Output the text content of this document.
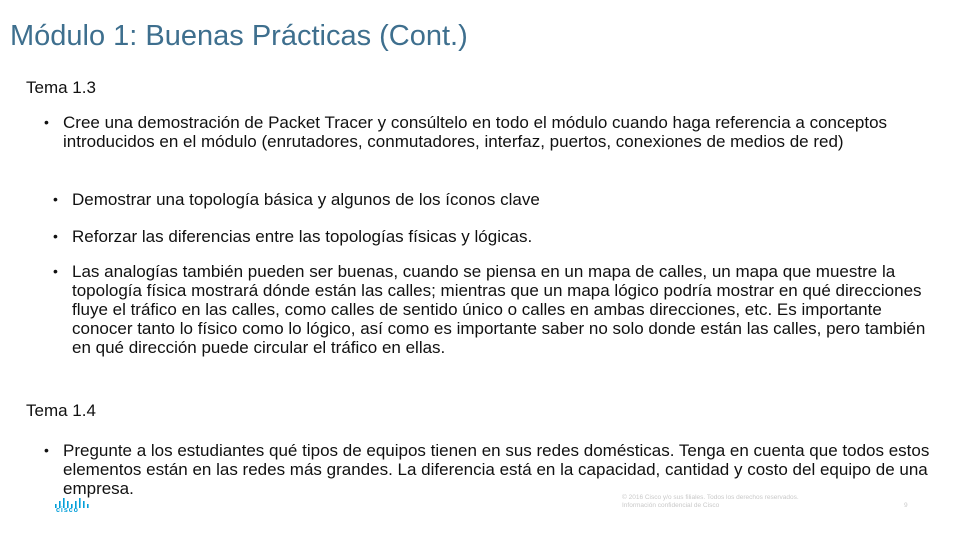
Módulo 1: Buenas Prácticas (Cont.)
Tema 1.3
• Cree una demostración de Packet Tracer y consúltelo en todo el módulo cuando haga referencia a conceptos introducidos en el módulo (enrutadores, conmutadores, interfaz, puertos, conexiones de medios de red)
• Demostrar una topología básica y algunos de los íconos clave
• Reforzar las diferencias entre las topologías físicas y lógicas.
• Las analogías también pueden ser buenas, cuando se piensa en un mapa de calles, un mapa que muestre la topología física mostrará dónde están las calles; mientras que un mapa lógico podría mostrar en qué direcciones fluye el tráfico en las calles, como calles de sentido único o calles en ambas direcciones, etc. Es importante conocer tanto lo físico como lo lógico, así como es importante saber no solo donde están las calles, pero también en qué dirección puede circular el tráfico en ellas.
Tema 1.4
• Pregunte a los estudiantes qué tipos de equipos tienen en sus redes domésticas. Tenga en cuenta que todos estos elementos están en las redes más grandes. La diferencia está en la capacidad, cantidad y costo del equipo de una empresa.
cisco
© 2016 Cisco y/o sus filiales. Todos los derechos reservados.
Información confidencial de Cisco	9
